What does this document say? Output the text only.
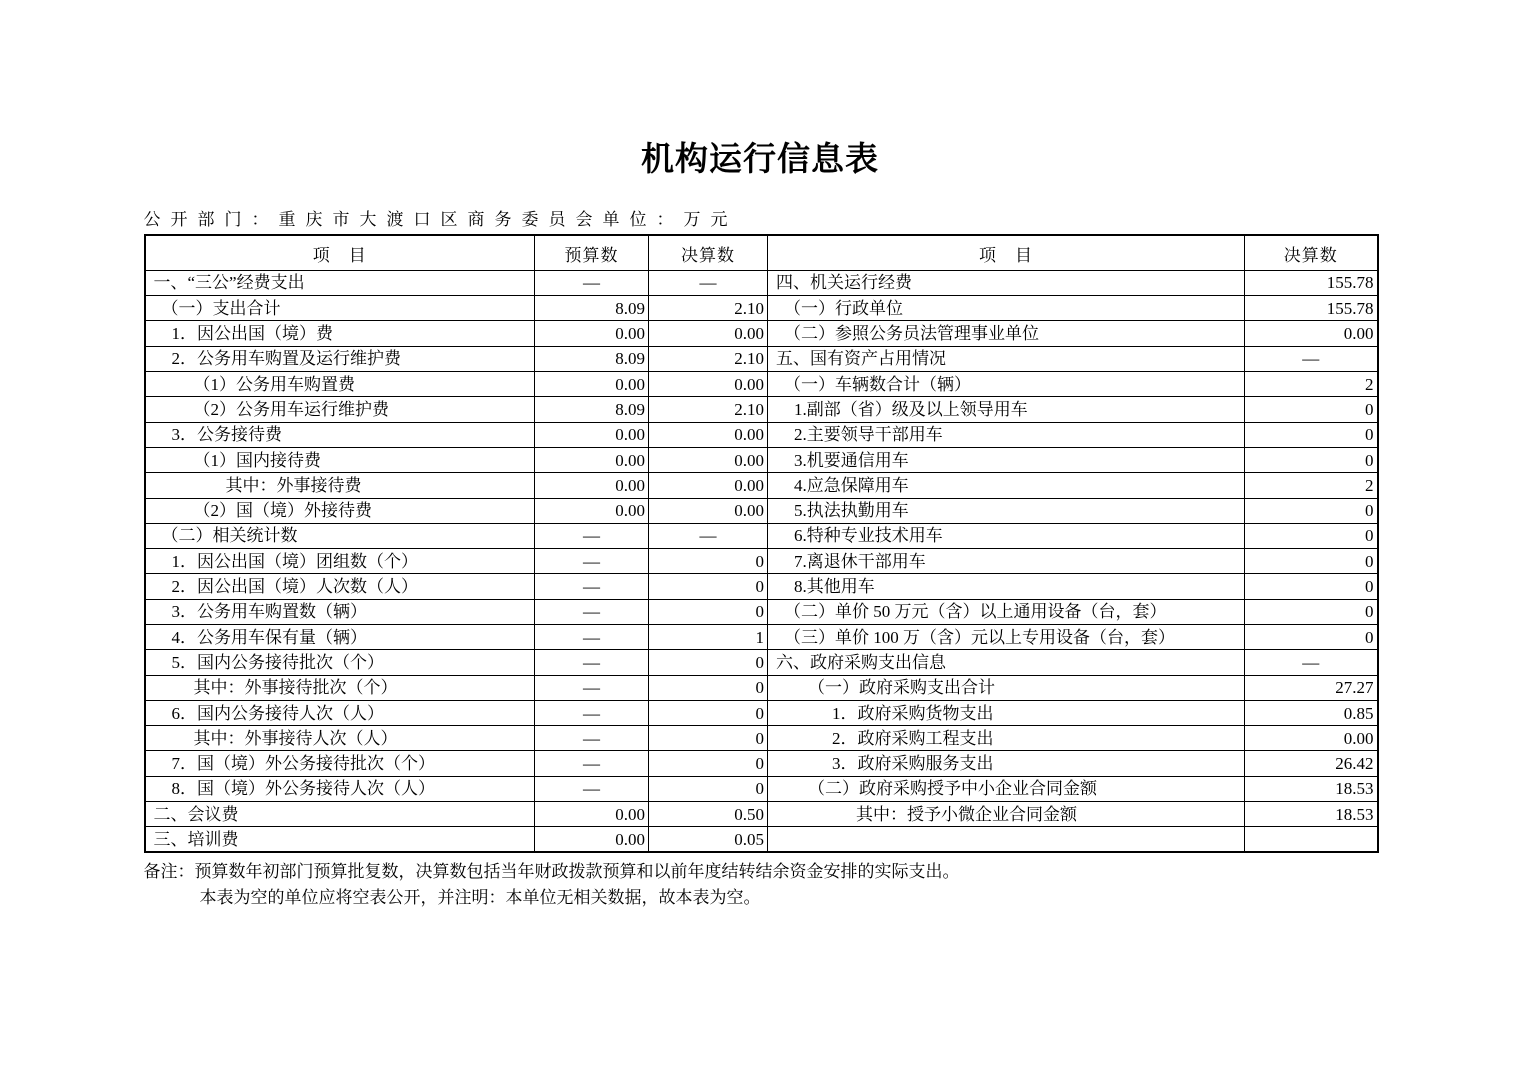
机构运行信息表
公开部门：重庆市大渡口区商务委员会单位：万元
项　目	预算数	决算数	项　目	决算数
一、“三公”经费支出	—	—	四、机关运行经费	155.78
（一）支出合计	8.09	2.10	（一）行政单位	155.78
1．因公出国（境）费	0.00	0.00	（二）参照公务员法管理事业单位	0.00
2．公务用车购置及运行维护费	8.09	2.10	五、国有资产占用情况	—
（1）公务用车购置费	0.00	0.00	（一）车辆数合计（辆）	2
（2）公务用车运行维护费	8.09	2.10	1.副部（省）级及以上领导用车	0
3．公务接待费	0.00	0.00	2.主要领导干部用车	0
（1）国内接待费	0.00	0.00	3.机要通信用车	0
其中：外事接待费	0.00	0.00	4.应急保障用车	2
（2）国（境）外接待费	0.00	0.00	5.执法执勤用车	0
（二）相关统计数	—	—	6.特种专业技术用车	0
1．因公出国（境）团组数（个）	—	0	7.离退休干部用车	0
2．因公出国（境）人次数（人）	—	0	8.其他用车	0
3．公务用车购置数（辆）	—	0	（二）单价 50 万元（含）以上通用设备（台，套）	0
4．公务用车保有量（辆）	—	1	（三）单价 100 万（含）元以上专用设备（台，套）	0
5．国内公务接待批次（个）	—	0	六、政府采购支出信息	—
其中：外事接待批次（个）	—	0	（一）政府采购支出合计	27.27
6．国内公务接待人次（人）	—	0	1．政府采购货物支出	0.85
其中：外事接待人次（人）	—	0	2．政府采购工程支出	0.00
7．国（境）外公务接待批次（个）	—	0	3．政府采购服务支出	26.42
8．国（境）外公务接待人次（人）	—	0	（二）政府采购授予中小企业合同金额	18.53
二、会议费	0.00	0.50	其中：授予小微企业合同金额	18.53
三、培训费	0.00	0.05		
备注：预算数年初部门预算批复数，决算数包括当年财政拨款预算和以前年度结转结余资金安排的实际支出。
本表为空的单位应将空表公开，并注明：本单位无相关数据，故本表为空。
